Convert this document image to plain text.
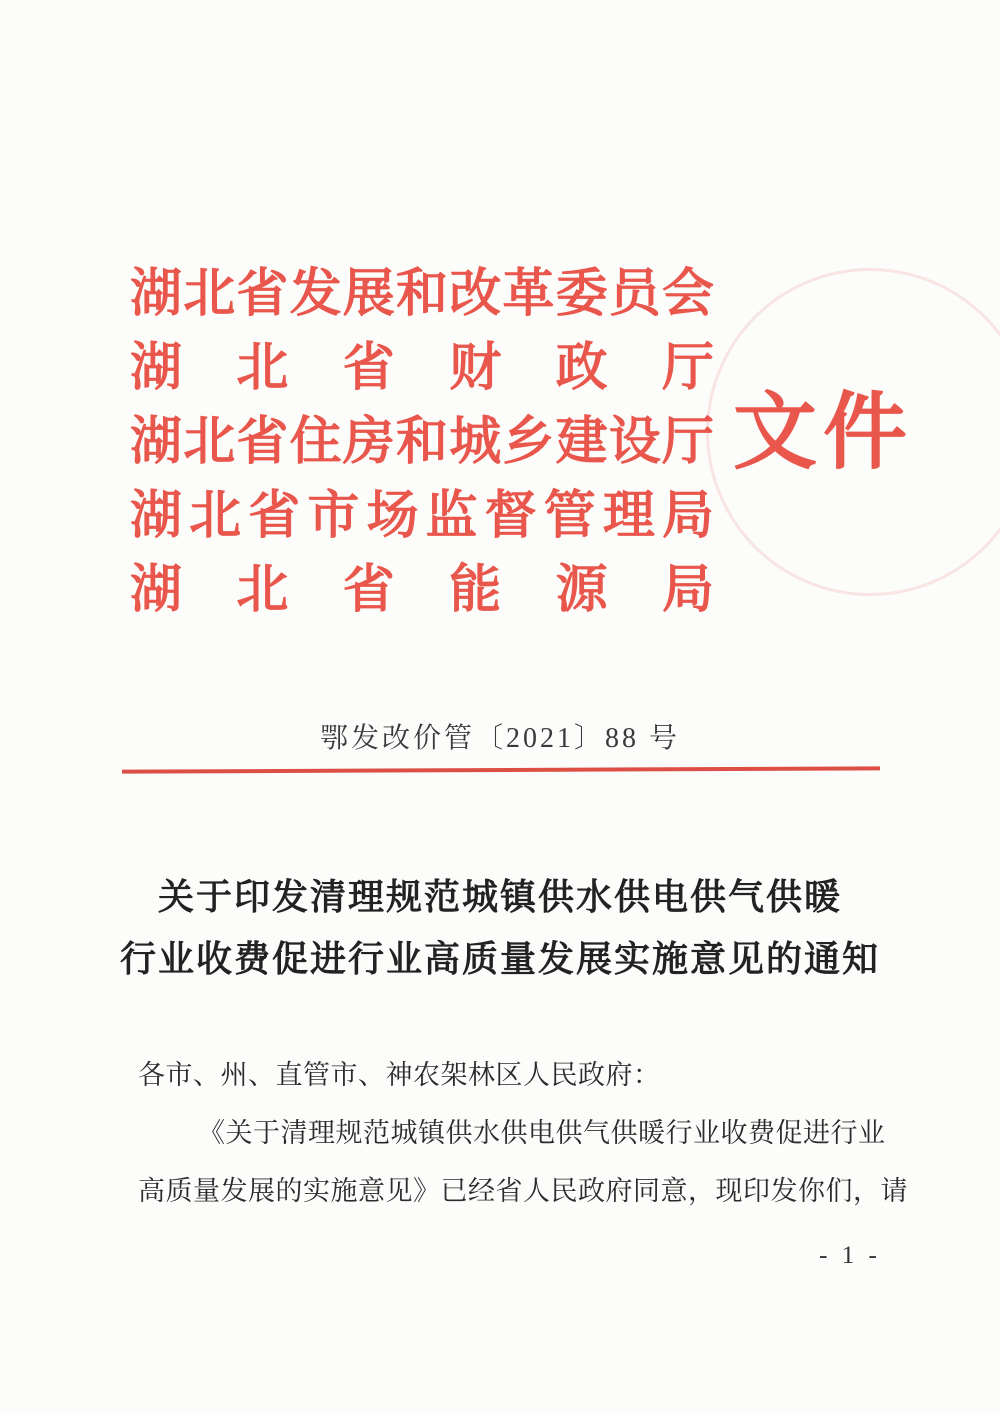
湖北省发展和改革委员会
湖北省财政厅
湖北省住房和城乡建设厅
湖北省市场监督管理局
湖北省能源局
文件
鄂发改价管〔2021〕88 号
关于印发清理规范城镇供水供电供气供暖
行业收费促进行业高质量发展实施意见的通知
各市、州、直管市、神农架林区人民政府：
《关于清理规范城镇供水供电供气供暖行业收费促进行业
高质量发展的实施意见》已经省人民政府同意，现印发你们，请
- 1 -
